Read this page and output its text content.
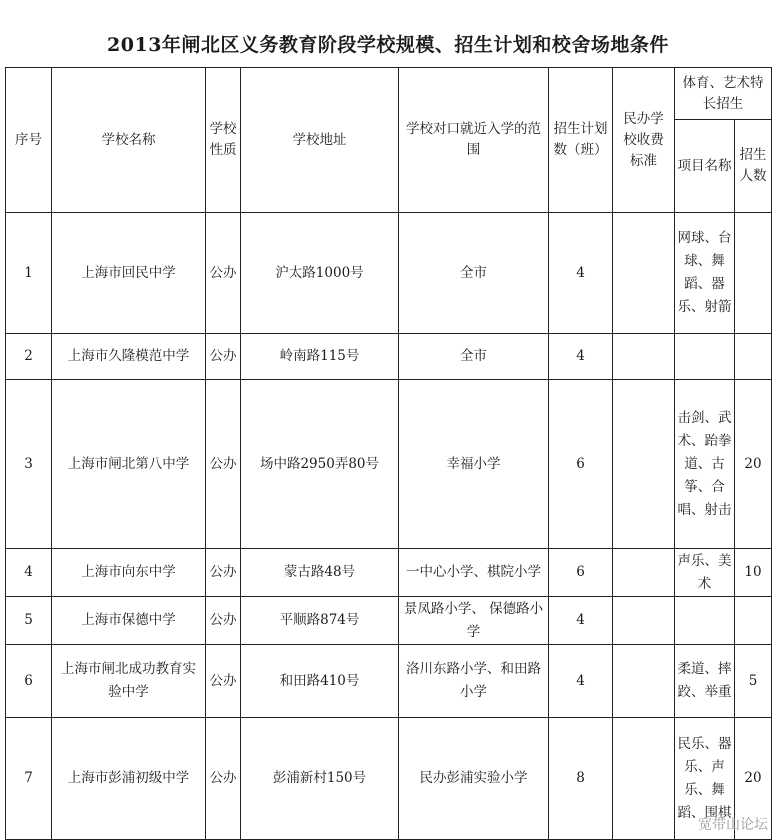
2013年闸北区义务教育阶段学校规模、招生计划和校舍场地条件
序号	学校名称	学校性质	学校地址	学校对口就近入学的范围	招生计划数（班）	民办学校收费标准	体育、艺术特长招生	
							项目名称	招生人数
1	上海市回民中学	公办	沪太路1000号	全市	4		网球、台球、舞蹈、器乐、射箭	
2	上海市久隆模范中学	公办	岭南路115号	全市	4			
3	上海市闸北第八中学	公办	场中路2950弄80号	幸福小学	6		击剑、武术、跆拳道、古筝、合唱、射击	20
4	上海市向东中学	公办	蒙古路48号	一中心小学、棋院小学	6		声乐、美术	10
5	上海市保德中学	公办	平顺路874号	景凤路小学、 保德路小学	4			
6	上海市闸北成功教育实验中学	公办	和田路410号	洛川东路小学、和田路小学	4		柔道、摔跤、举重	5
7	上海市彭浦初级中学	公办	彭浦新村150号	民办彭浦实验小学	8		民乐、器乐、声乐、舞蹈、围棋	20
宽带山论坛
